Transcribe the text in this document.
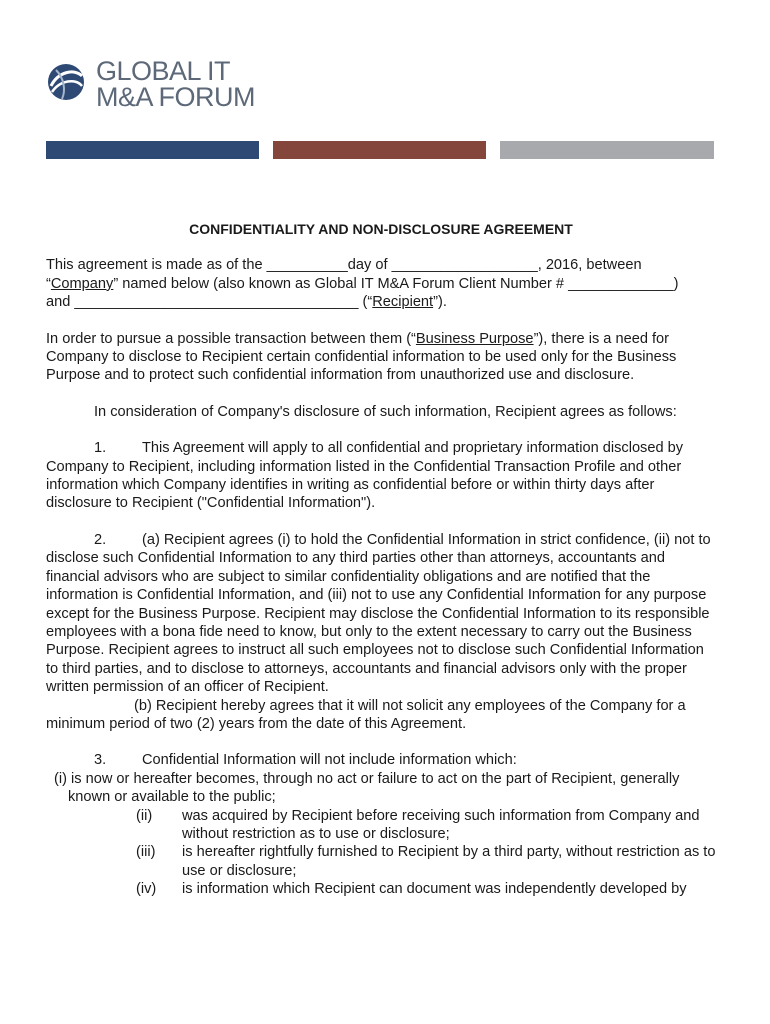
GLOBAL IT
M&A FORUM
CONFIDENTIALITY AND NON-DISCLOSURE AGREEMENT

This agreement is made as of the __________day of __________________, 2016, between
“Company” named below (also known as Global IT M&A Forum Client Number # _____________)
and ___________________________________ (“Recipient”).

In order to pursue a possible transaction between them (“Business Purpose”), there is a need for Company to disclose to Recipient certain confidential information to be used only for the Business Purpose and to protect such confidential information from unauthorized use and disclosure.

In consideration of Company's disclosure of such information, Recipient agrees as follows:

1. This Agreement will apply to all confidential and proprietary information disclosed by Company to Recipient, including information listed in the Confidential Transaction Profile and other information which Company identifies in writing as confidential before or within thirty days after disclosure to Recipient ("Confidential Information").

2. (a) Recipient agrees (i) to hold the Confidential Information in strict confidence, (ii) not to disclose such Confidential Information to any third parties other than attorneys, accountants and financial advisors who are subject to similar confidentiality obligations and are notified that the information is Confidential Information, and (iii) not to use any Confidential Information for any purpose except for the Business Purpose. Recipient may disclose the Confidential Information to its responsible employees with a bona fide need to know, but only to the extent necessary to carry out the Business Purpose. Recipient agrees to instruct all such employees not to disclose such Confidential Information to third parties, and to disclose to attorneys, accountants and financial advisors only with the proper written permission of an officer of Recipient.

(b) Recipient hereby agrees that it will not solicit any employees of the Company for a minimum period of two (2) years from the date of this Agreement.

3. Confidential Information will not include information which:

(i) is now or hereafter becomes, through no act or failure to act on the part of Recipient, generally known or available to the public;

(ii)	was acquired by Recipient before receiving such information from Company and without restriction as to use or disclosure;
(iii)	is hereafter rightfully furnished to Recipient by a third party, without restriction as to use or disclosure;
(iv)	is information which Recipient can document was independently developed by
